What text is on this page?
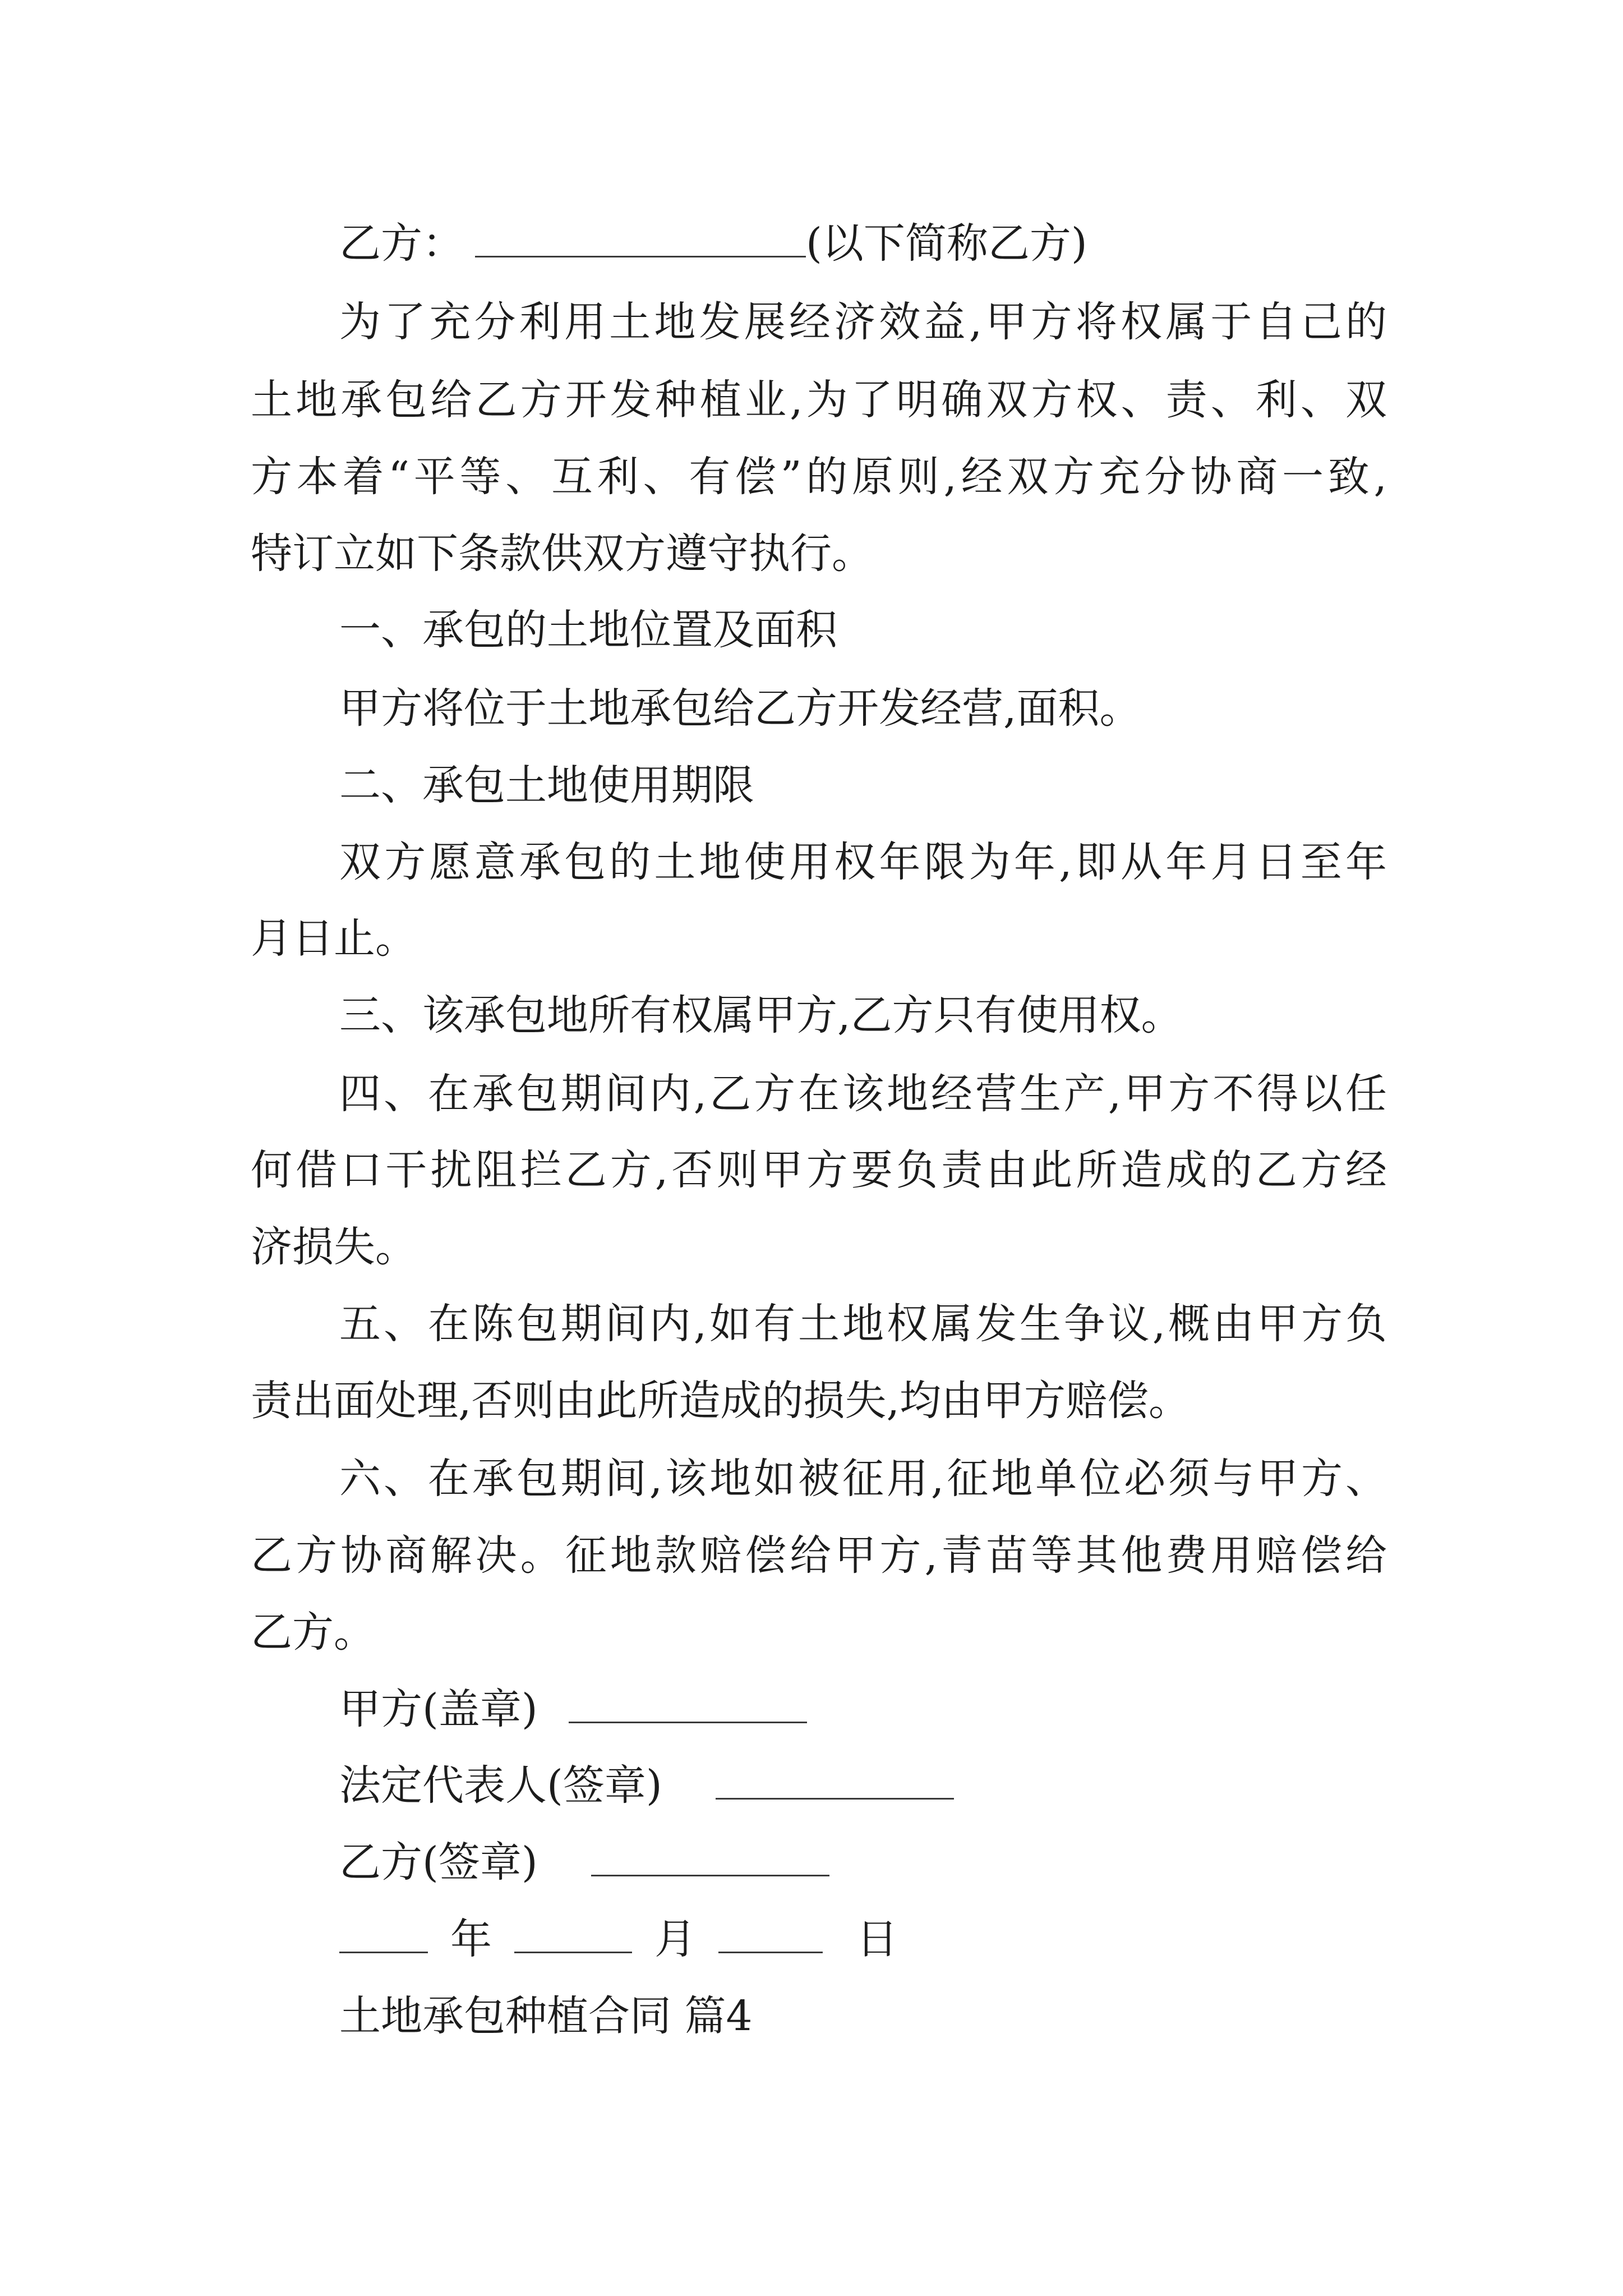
乙方：	(以下简称乙方)
为了充分利用土地发展经济效益,甲方将权属于自己的
土地承包给乙方开发种植业,为了明确双方权、责、利、双
方本着“平等、互利、有偿”的原则,经双方充分协商一致,
特订立如下条款供双方遵守执行。
一、承包的土地位置及面积
甲方将位于土地承包给乙方开发经营,面积。
二、承包土地使用期限
双方愿意承包的土地使用权年限为年,即从年月日至年
月日止。
三、该承包地所有权属甲方,乙方只有使用权。
四、在承包期间内,乙方在该地经营生产,甲方不得以任
何借口干扰阻拦乙方,否则甲方要负责由此所造成的乙方经
济损失。
五、在陈包期间内,如有土地权属发生争议,概由甲方负
责出面处理,否则由此所造成的损失,均由甲方赔偿。
六、在承包期间,该地如被征用,征地单位必须与甲方、
乙方协商解决。征地款赔偿给甲方,青苗等其他费用赔偿给
乙方。
甲方(盖章)
法定代表人(签章)
乙方(签章)
年	月	日
土地承包种植合同 篇4
